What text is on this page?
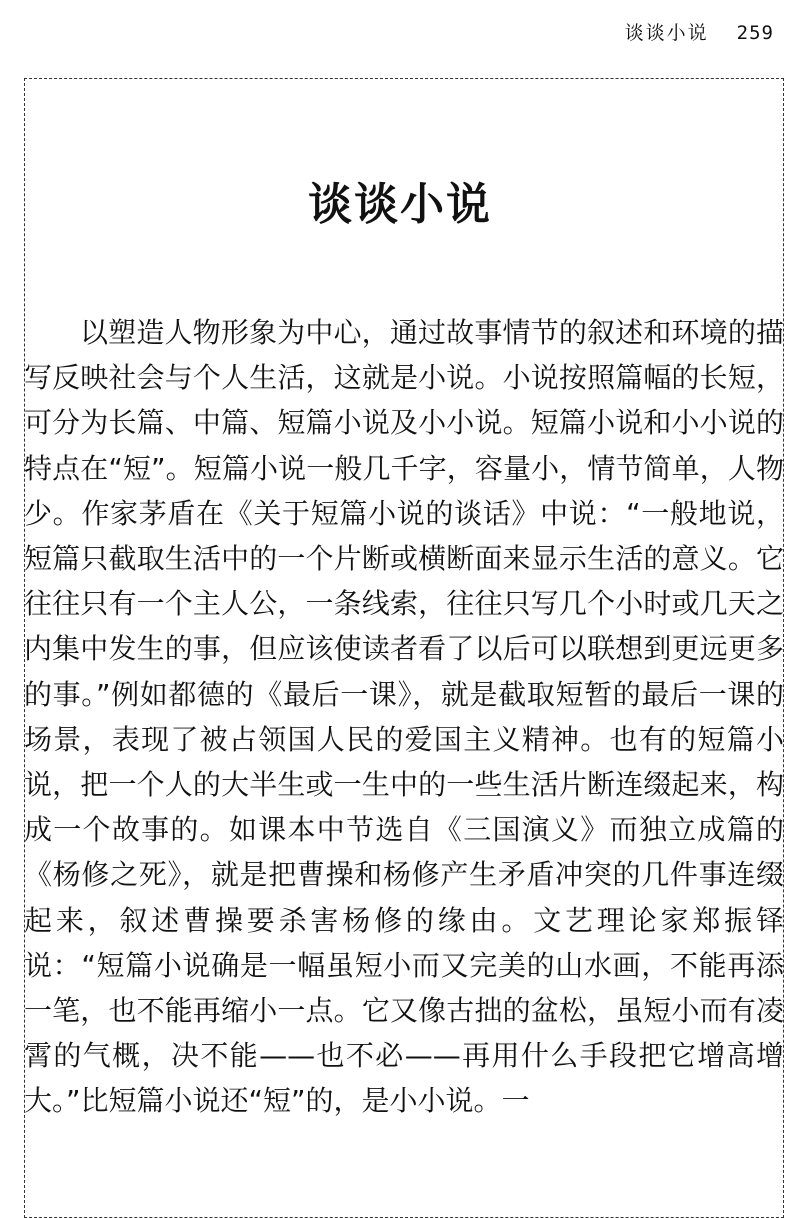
谈谈小说 259
谈谈小说

以塑造人物形象为中心，通过故事情节的叙述和环境的描写反映社会与个人生活，这就是小说。小说按照篇幅的长短，可分为长篇、中篇、短篇小说及小小说。短篇小说和小小说的特点在“短”。短篇小说一般几千字，容量小，情节简单，人物少。作家茅盾在《关于短篇小说的谈话》中说：“一般地说，短篇只截取生活中的一个片断或横断面来显示生活的意义。它往往只有一个主人公，一条线索，往往只写几个小时或几天之内集中发生的事，但应该使读者看了以后可以联想到更远更多的事。”例如都德的《最后一课》，就是截取短暂的最后一课的场景，表现了被占领国人民的爱国主义精神。也有的短篇小说，把一个人的大半生或一生中的一些生活片断连缀起来，构成一个故事的。如课本中节选自《三国演义》而独立成篇的《杨修之死》，就是把曹操和杨修产生矛盾冲突的几件事连缀起来，叙述曹操要杀害杨修的缘由。文艺理论家郑振铎说：“短篇小说确是一幅虽短小而又完美的山水画，不能再添一笔，也不能再缩小一点。它又像古拙的盆松，虽短小而有凌霄的气概，决不能——也不必——再用什么手段把它增高增大。”比短篇小说还“短”的，是小小说。一
